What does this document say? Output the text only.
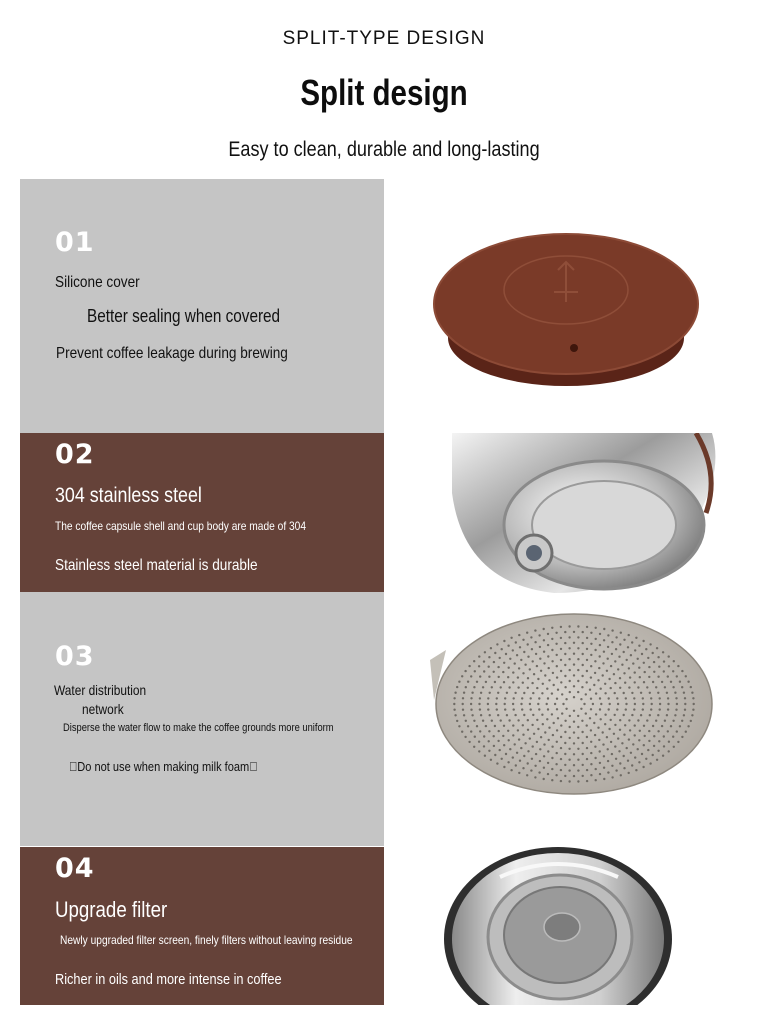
SPLIT-TYPE DESIGN
Split design
Easy to clean, durable and long-lasting
01
Silicone cover
Better sealing when covered
Prevent coffee leakage during brewing
02
304 stainless steel
The coffee capsule shell and cup body are made of 304
Stainless steel material is durable
03
Water distribution
network
Disperse the water flow to make the coffee grounds more uniform
 Do not use when making milk foam 
04
Upgrade filter
Newly upgraded filter screen, finely filters without leaving residue
Richer in oils and more intense in coffee
